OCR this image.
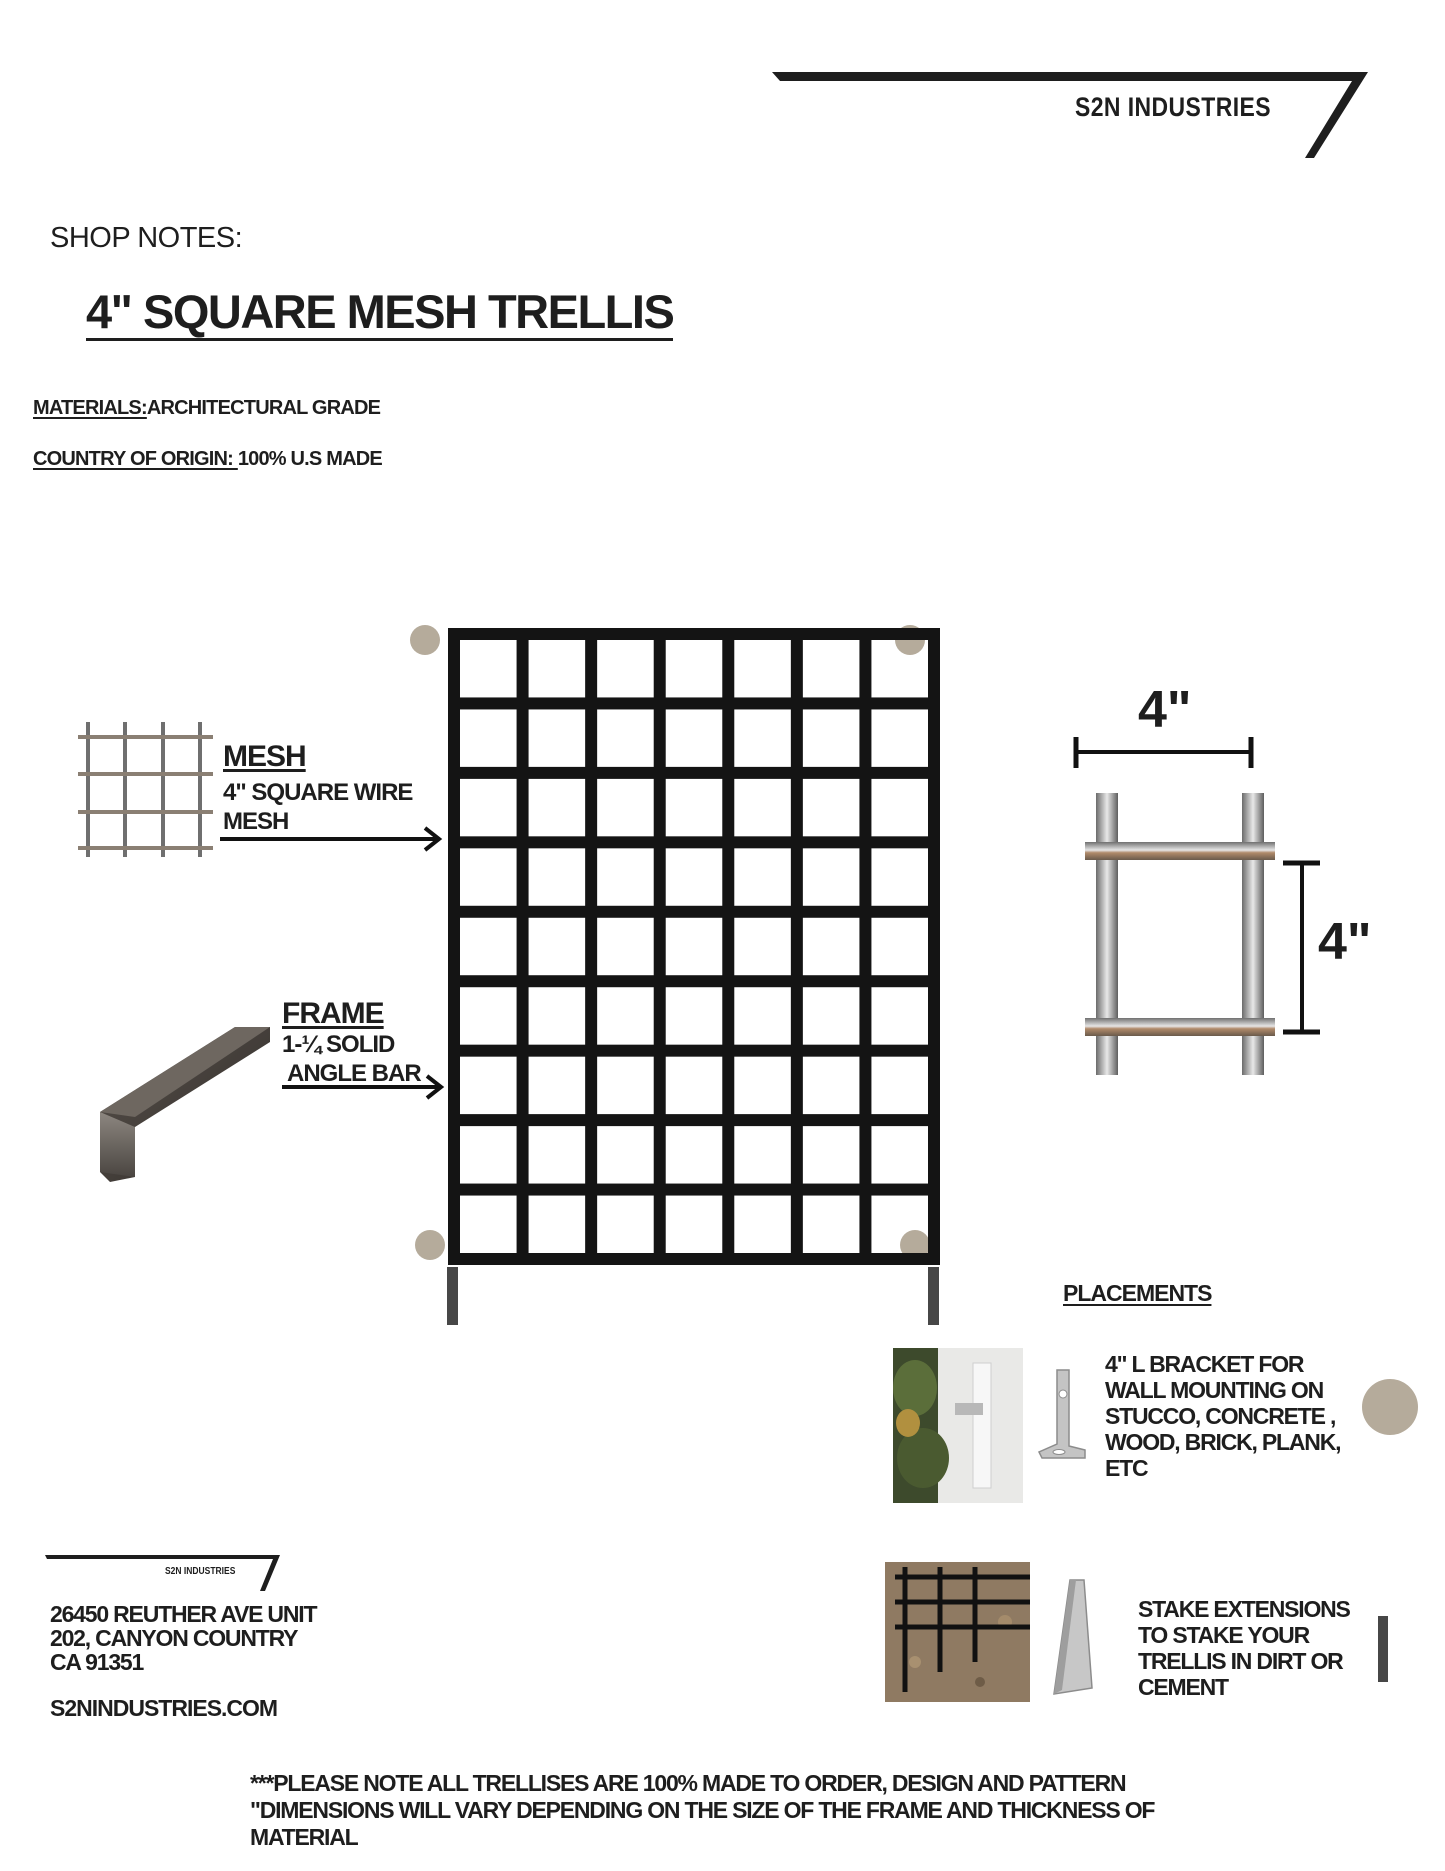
S2N INDUSTRIES
SHOP NOTES:
4" SQUARE MESH TRELLIS
MATERIALS:ARCHITECTURAL GRADE
COUNTRY OF ORIGIN: 100% U.S MADE
MESH
4" SQUARE WIRE MESH
FRAME
1-¼ SOLID
ANGLE BAR
4"
4"
PLACEMENTS
4" L BRACKET FOR WALL MOUNTING ON STUCCO, CONCRETE , WOOD, BRICK, PLANK, ETC
STAKE EXTENSIONS TO STAKE YOUR TRELLIS IN DIRT OR CEMENT
S2N INDUSTRIES
26450 REUTHER AVE UNIT 202, CANYON COUNTRY CA 91351
S2NINDUSTRIES.COM
***PLEASE NOTE ALL TRELLISES ARE 100% MADE TO ORDER, DESIGN AND PATTERN
"DIMENSIONS WILL VARY DEPENDING ON THE SIZE OF THE FRAME AND THICKNESS OF
MATERIAL
